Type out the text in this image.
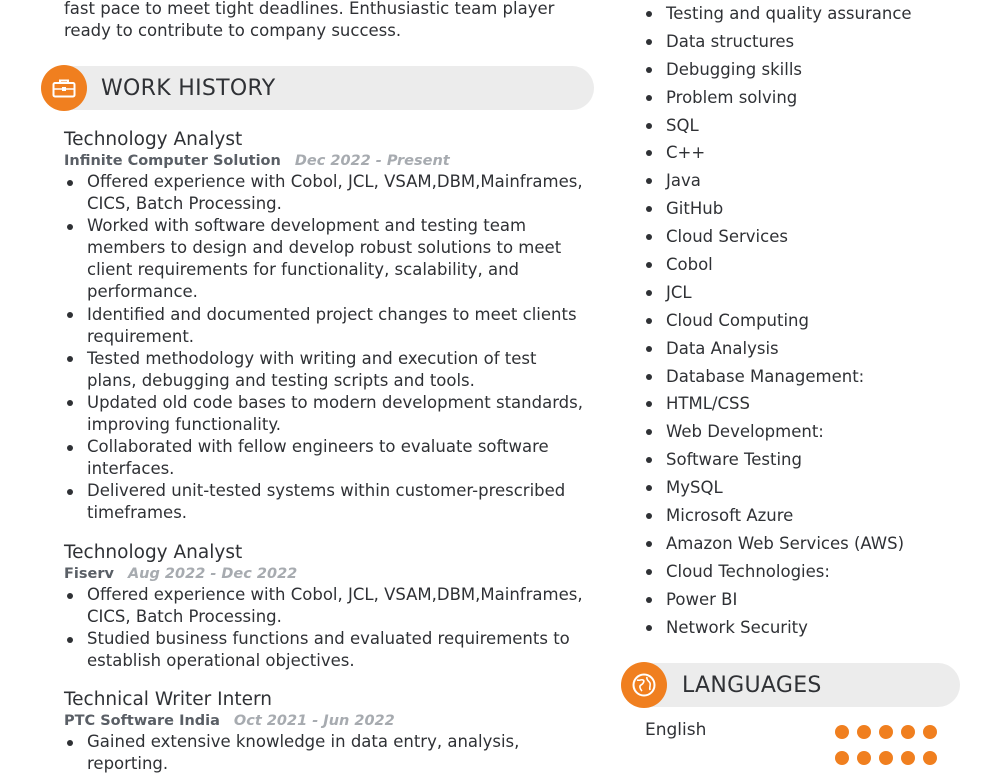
fast pace to meet tight deadlines. Enthusiastic team player ready to contribute to company success.
WORK HISTORY
Technology Analyst
Infinite Computer Solution Dec 2022 - Present
Offered experience with Cobol, JCL, VSAM,DBM,Mainframes, CICS, Batch Processing.
Worked with software development and testing team members to design and develop robust solutions to meet client requirements for functionality, scalability, and performance.
Identified and documented project changes to meet clients requirement.
Tested methodology with writing and execution of test plans, debugging and testing scripts and tools.
Updated old code bases to modern development standards, improving functionality.
Collaborated with fellow engineers to evaluate software interfaces.
Delivered unit-tested systems within customer-prescribed timeframes.
Technology Analyst
Fiserv Aug 2022 - Dec 2022
Offered experience with Cobol, JCL, VSAM,DBM,Mainframes, CICS, Batch Processing.
Studied business functions and evaluated requirements to establish operational objectives.
Technical Writer Intern
PTC Software India Oct 2021 - Jun 2022
Gained extensive knowledge in data entry, analysis, reporting.
Testing and quality assurance
Data structures
Debugging skills
Problem solving
SQL
C++
Java
GitHub
Cloud Services
Cobol
JCL
Cloud Computing
Data Analysis
Database Management:
HTML/CSS
Web Development:
Software Testing
MySQL
Microsoft Azure
Amazon Web Services (AWS)
Cloud Technologies:
Power BI
Network Security
LANGUAGES
English
